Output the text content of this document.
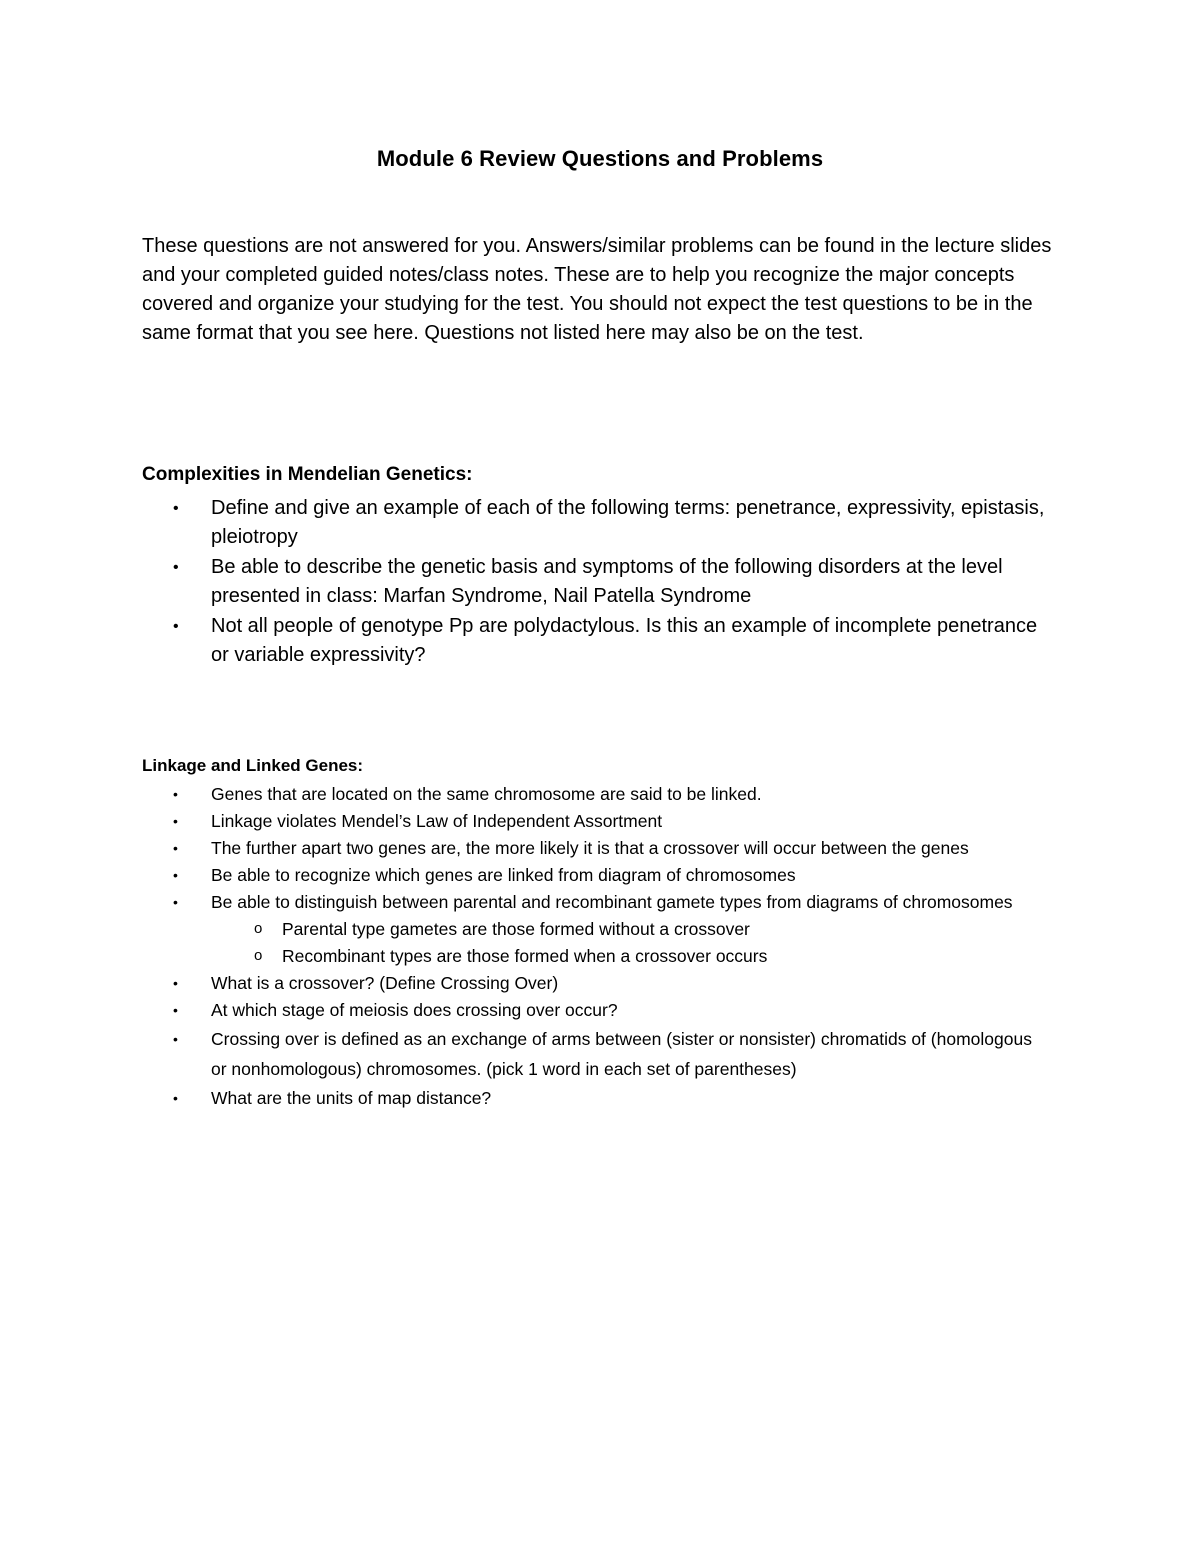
Module 6 Review Questions and Problems

These questions are not answered for you. Answers/similar problems can be found in the lecture slides and your completed guided notes/class notes. These are to help you recognize the major concepts covered and organize your studying for the test. You should not expect the test questions to be in the same format that you see here. Questions not listed here may also be on the test.

Complexities in Mendelian Genetics:
• Define and give an example of each of the following terms: penetrance, expressivity, epistasis, pleiotropy
• Be able to describe the genetic basis and symptoms of the following disorders at the level presented in class: Marfan Syndrome, Nail Patella Syndrome
• Not all people of genotype Pp are polydactylous. Is this an example of incomplete penetrance or variable expressivity?
Linkage and Linked Genes:
• Genes that are located on the same chromosome are said to be linked.
• Linkage violates Mendel’s Law of Independent Assortment
• The further apart two genes are, the more likely it is that a crossover will occur between the genes
• Be able to recognize which genes are linked from diagram of chromosomes
• Be able to distinguish between parental and recombinant gamete types from diagrams of chromosomes
o Parental type gametes are those formed without a crossover
o Recombinant types are those formed when a crossover occurs
• What is a crossover? (Define Crossing Over)
• At which stage of meiosis does crossing over occur?
• Crossing over is defined as an exchange of arms between (sister or nonsister) chromatids of (homologous or nonhomologous) chromosomes. (pick 1 word in each set of parentheses)
• What are the units of map distance?
